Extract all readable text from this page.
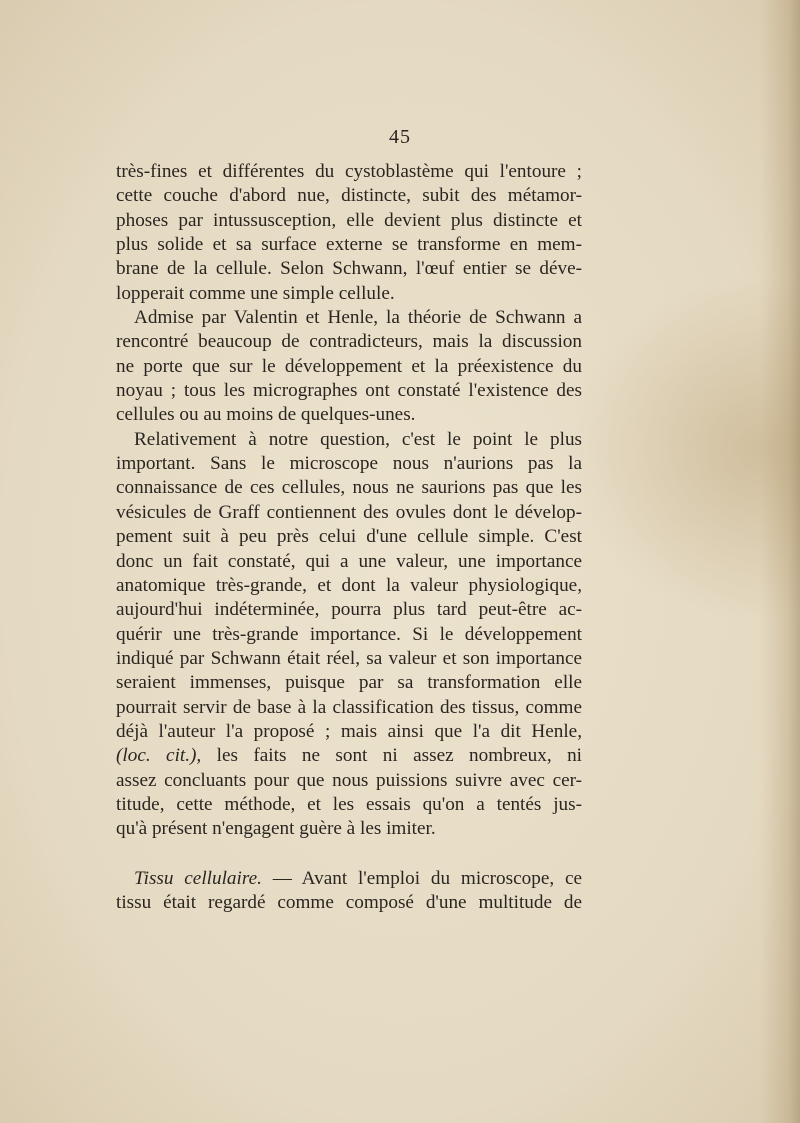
45
très-fines et différentes du cystoblastème qui l'entoure ;
cette couche d'abord nue, distincte, subit des métamor-
phoses par intussusception, elle devient plus distincte et
plus solide et sa surface externe se transforme en mem-
brane de la cellule. Selon Schwann, l'œuf entier se déve-
lopperait comme une simple cellule.
Admise par Valentin et Henle, la théorie de Schwann a
rencontré beaucoup de contradicteurs, mais la discussion
ne porte que sur le développement et la préexistence du
noyau ; tous les micrographes ont constaté l'existence des
cellules ou au moins de quelques-unes.
Relativement à notre question, c'est le point le plus
important. Sans le microscope nous n'aurions pas la
connaissance de ces cellules, nous ne saurions pas que les
vésicules de Graff contiennent des ovules dont le dévelop-
pement suit à peu près celui d'une cellule simple. C'est
donc un fait constaté, qui a une valeur, une importance
anatomique très-grande, et dont la valeur physiologique,
aujourd'hui indéterminée, pourra plus tard peut-être ac-
quérir une très-grande importance. Si le développement
indiqué par Schwann était réel, sa valeur et son importance
seraient immenses, puisque par sa transformation elle
pourrait servir de base à la classification des tissus, comme
déjà l'auteur l'a proposé ; mais ainsi que l'a dit Henle,
(loc. cit.), les faits ne sont ni assez nombreux, ni
assez concluants pour que nous puissions suivre avec cer-
titude, cette méthode, et les essais qu'on a tentés jus-
qu'à présent n'engagent guère à les imiter.
Tissu cellulaire. — Avant l'emploi du microscope, ce
tissu était regardé comme composé d'une multitude de
